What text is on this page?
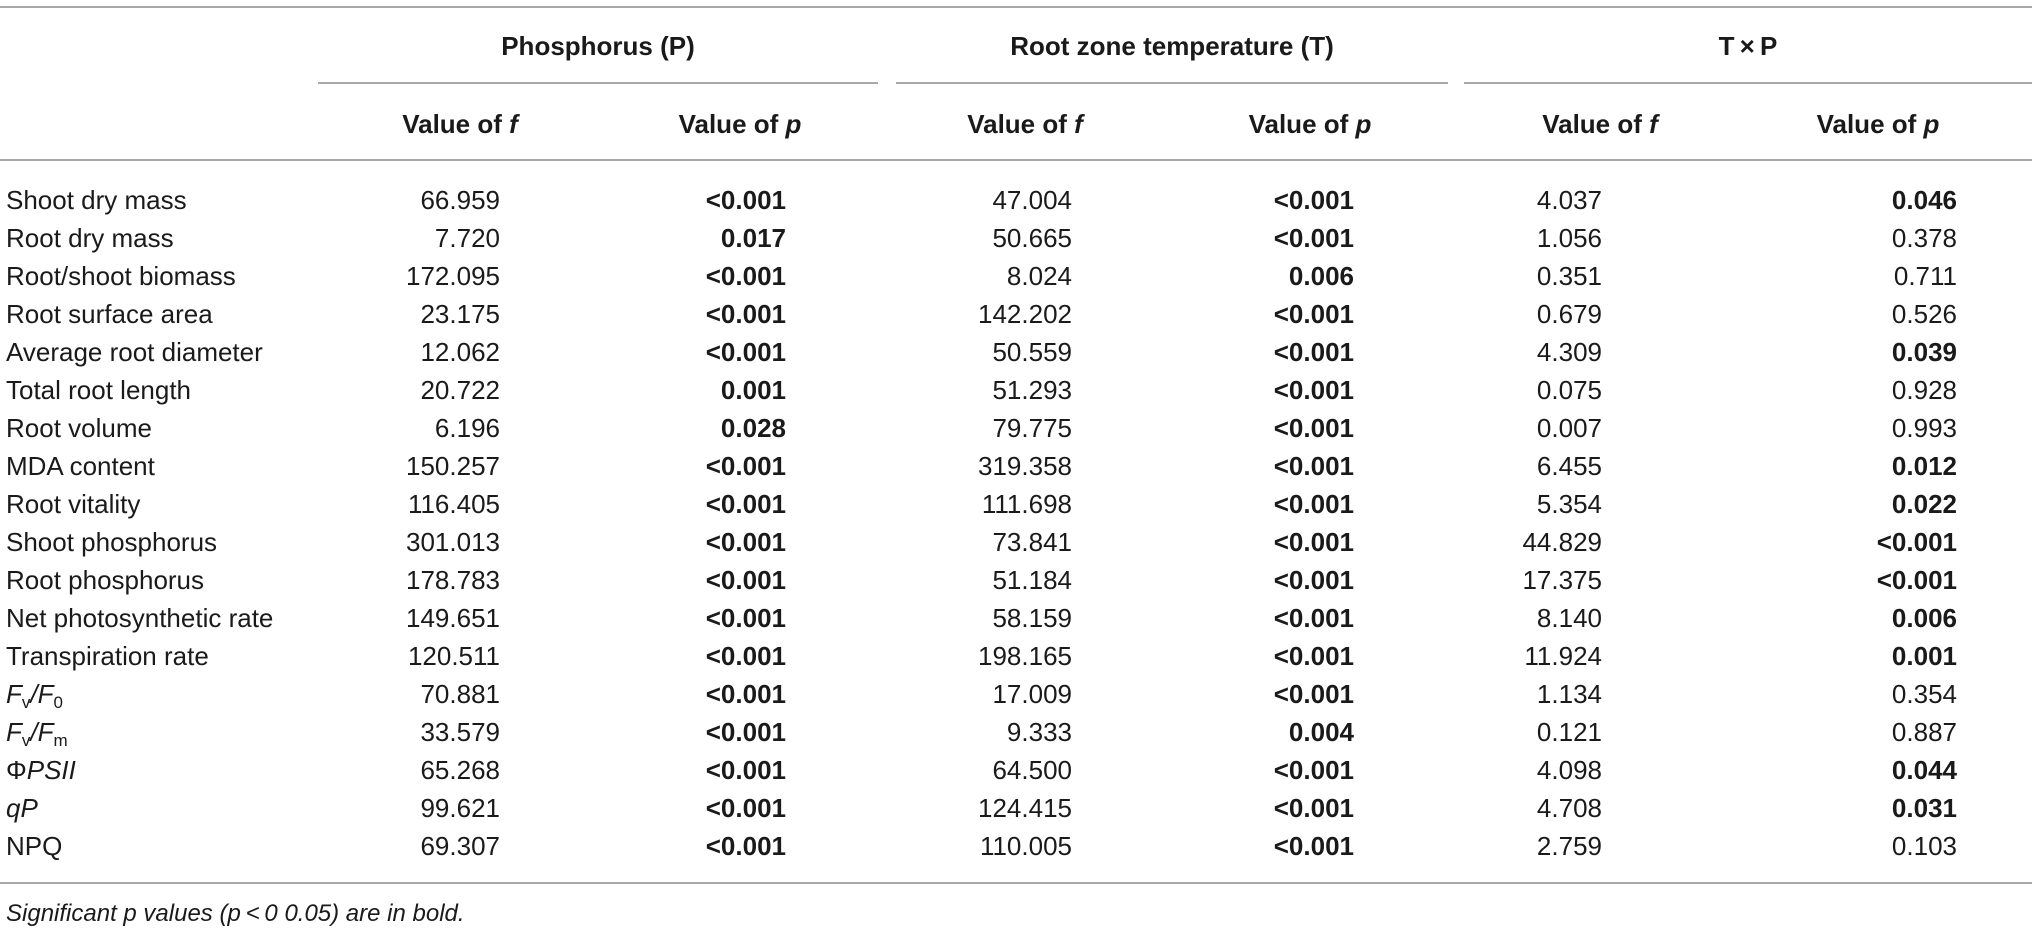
Phosphorus (P)	Root zone temperature (T)	T × P
Value of f	Value of p	Value of f	Value of p	Value of f	Value of p
Shoot dry mass	66.959	<0.001	47.004	<0.001	4.037	0.046
Root dry mass	7.720	0.017	50.665	<0.001	1.056	0.378
Root/shoot biomass	172.095	<0.001	8.024	0.006	0.351	0.711
Root surface area	23.175	<0.001	142.202	<0.001	0.679	0.526
Average root diameter	12.062	<0.001	50.559	<0.001	4.309	0.039
Total root length	20.722	0.001	51.293	<0.001	0.075	0.928
Root volume	6.196	0.028	79.775	<0.001	0.007	0.993
MDA content	150.257	<0.001	319.358	<0.001	6.455	0.012
Root vitality	116.405	<0.001	111.698	<0.001	5.354	0.022
Shoot phosphorus	301.013	<0.001	73.841	<0.001	44.829	<0.001
Root phosphorus	178.783	<0.001	51.184	<0.001	17.375	<0.001
Net photosynthetic rate	149.651	<0.001	58.159	<0.001	8.140	0.006
Transpiration rate	120.511	<0.001	198.165	<0.001	11.924	0.001
$F_v/F_0$	70.881	<0.001	17.009	<0.001	1.134	0.354
$F_v/F_m$	33.579	<0.001	9.333	0.004	0.121	0.887
ΦPSII	65.268	<0.001	64.500	<0.001	4.098	0.044
qP	99.621	<0.001	124.415	<0.001	4.708	0.031
NPQ	69.307	<0.001	110.005	<0.001	2.759	0.103
Significant p values (p < 0 0.05) are in bold.
